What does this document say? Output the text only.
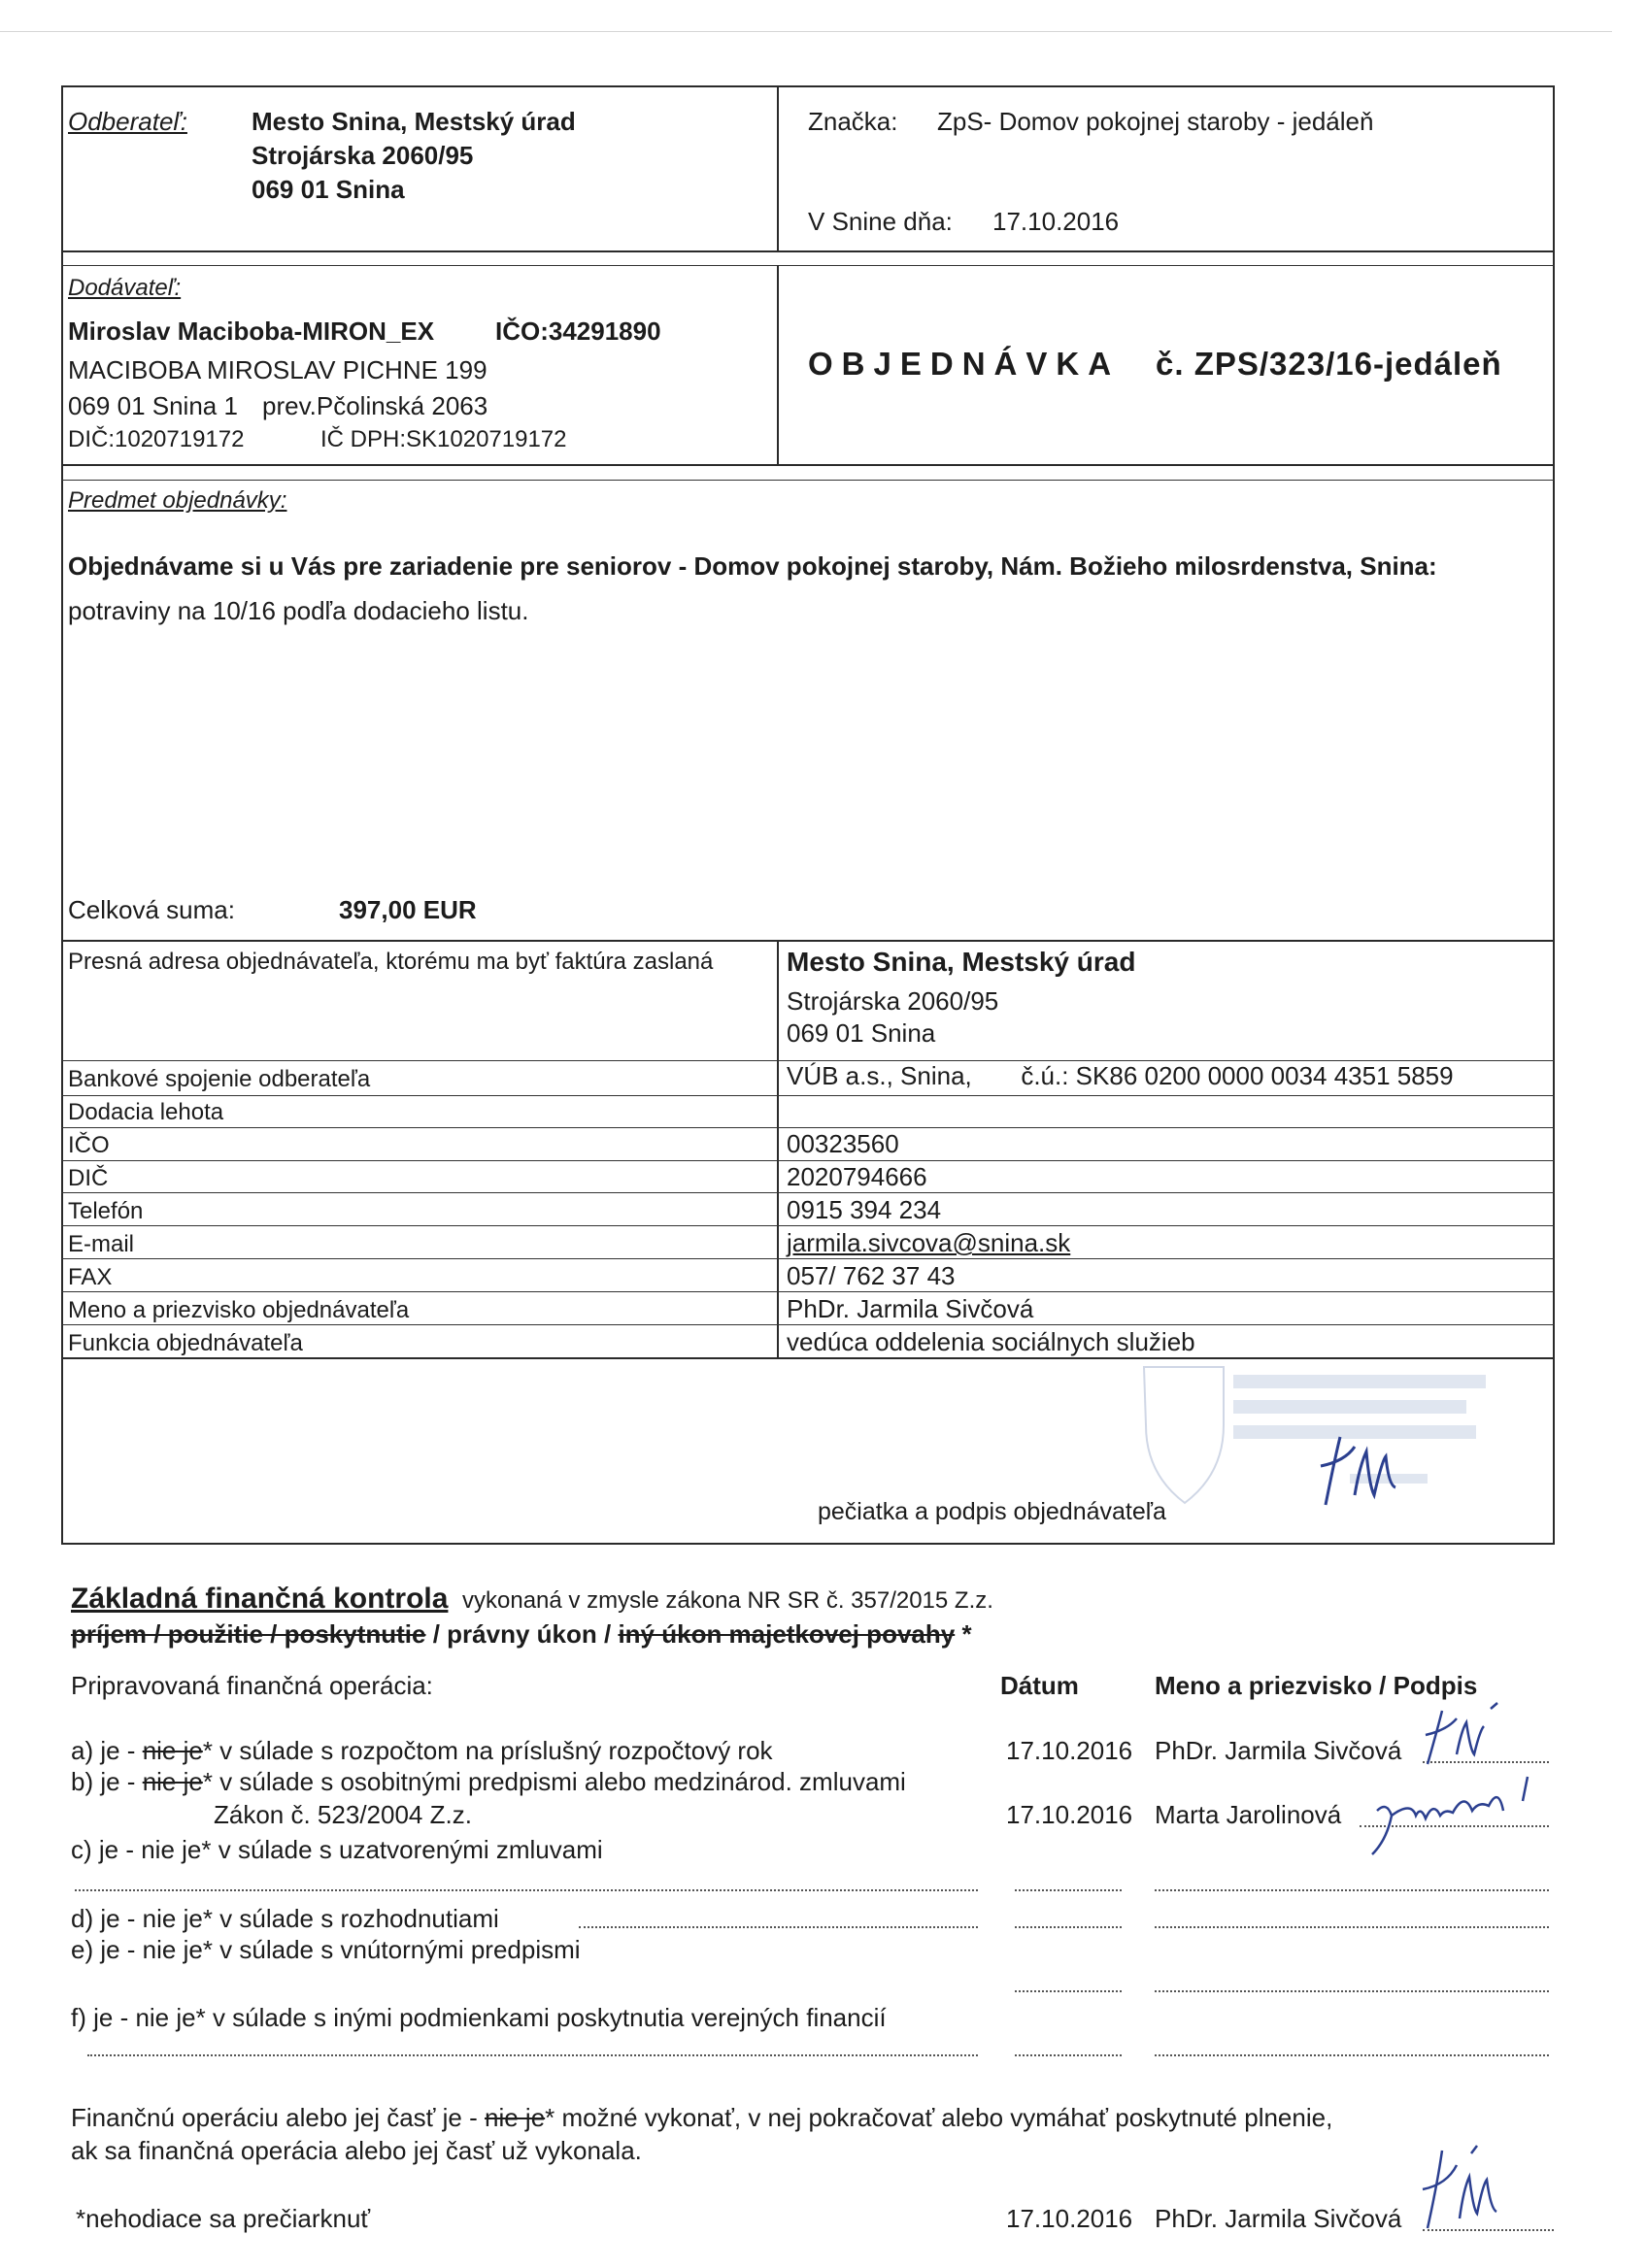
Odberateľ:	Mesto Snina, Mestský úrad
Strojárska 2060/95
069 01 Snina
Značka: ZpS- Domov pokojnej staroby - jedáleň
V Snine dňa: 17.10.2016
Dodávateľ:
Miroslav Maciboba-MIRON_EX IČO:34291890
MACIBOBA MIROSLAV PICHNE 199
069 01 Snina 1 prev.Pčolinská 2063
DIČ:1020719172	IČ DPH:SK1020719172
OBJEDNÁVKA č. ZPS/323/16-jedáleň
Predmet objednávky:
Objednávame si u Vás pre zariadenie pre seniorov - Domov pokojnej staroby, Nám. Božieho milosrdenstva, Snina:
potraviny na 10/16 podľa dodacieho listu.
Celková suma:	397,00 EUR
Presná adresa objednávateľa, ktorému ma byť faktúra zaslaná	Mesto Snina, Mestský úrad
Strojárska 2060/95
069 01 Snina
Bankové spojenie odberateľa	VÚB a.s., Snina,       č.ú.: SK86 0200 0000 0034 4351 5859
Dodacia lehota
IČO	00323560
DIČ	2020794666
Telefón	0915 394 234
E-mail	jarmila.sivcova@snina.sk
FAX	057/ 762 37 43
Meno a priezvisko objednávateľa	PhDr. Jarmila Sivčová
Funkcia objednávateľa	vedúca oddelenia sociálnych služieb
pečiatka a podpis objednávateľa
Základná finančná kontrola vykonaná v zmysle zákona NR SR č. 357/2015 Z.z.
príjem / použitie / poskytnutie / právny úkon / iný úkon majetkovej povahy *
Pripravovaná finančná operácia:	Dátum	Meno a priezvisko / Podpis
a) je - nie je* v súlade s rozpočtom na príslušný rozpočtový rok	17.10.2016 PhDr. Jarmila Sivčová
b) je - nie je* v súlade s osobitnými predpismi alebo medzinárod. zmluvami
Zákon č. 523/2004 Z.z.	17.10.2016 Marta Jarolinová
c) je - nie je* v súlade s uzatvorenými zmluvami
d) je - nie je* v súlade s rozhodnutiami
e) je - nie je* v súlade s vnútornými predpismi
f) je - nie je* v súlade s inými podmienkami poskytnutia verejných financií
Finančnú operáciu alebo jej časť je - nie je* možné vykonať, v nej pokračovať alebo vymáhať poskytnuté plnenie,
ak sa finančná operácia alebo jej časť už vykonala.
*nehodiace sa prečiarknuť	17.10.2016 PhDr. Jarmila Sivčová
